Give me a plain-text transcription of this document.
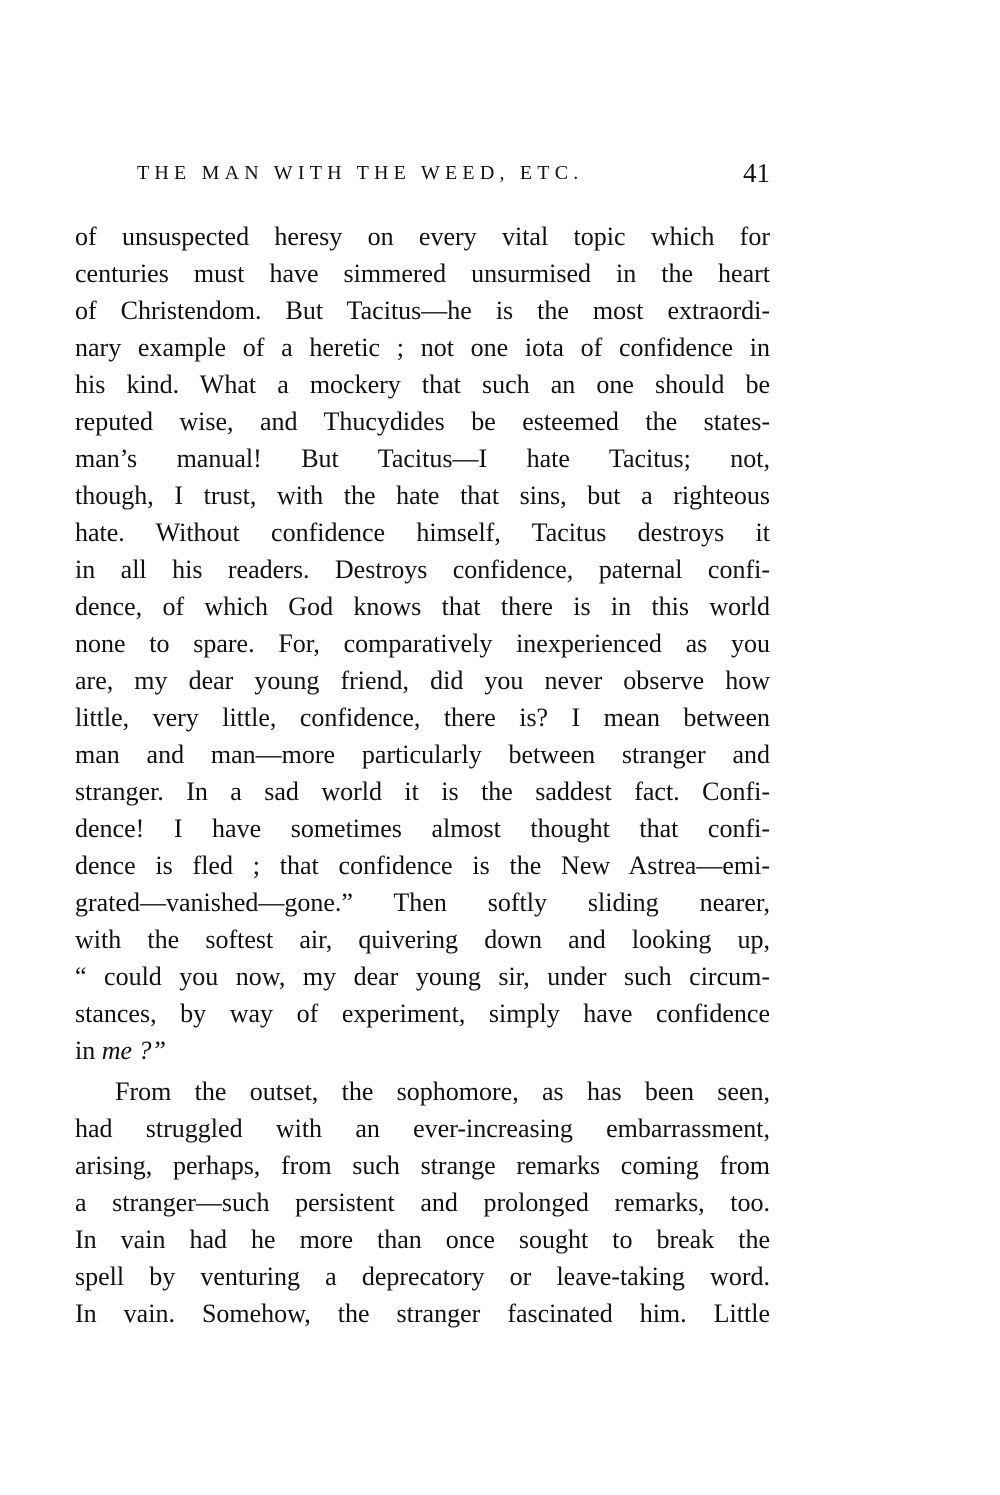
THE MAN WITH THE WEED, ETC.	41
of unsuspected heresy on every vital topic which for
centuries must have simmered unsurmised in the heart
of Christendom. But Tacitus—he is the most extraordi-
nary example of a heretic ; not one iota of confidence in
his kind. What a mockery that such an one should be
reputed wise, and Thucydides be esteemed the states-
man’s manual! But Tacitus—I hate Tacitus; not,
though, I trust, with the hate that sins, but a righteous
hate. Without confidence himself, Tacitus destroys it
in all his readers. Destroys confidence, paternal confi-
dence, of which God knows that there is in this world
none to spare. For, comparatively inexperienced as you
are, my dear young friend, did you never observe how
little, very little, confidence, there is? I mean between
man and man—more particularly between stranger and
stranger. In a sad world it is the saddest fact. Confi-
dence! I have sometimes almost thought that confi-
dence is fled ; that confidence is the New Astrea—emi-
grated—vanished—gone.” Then softly sliding nearer,
with the softest air, quivering down and looking up,
“ could you now, my dear young sir, under such circum-
stances, by way of experiment, simply have confidence
in me ?”
From the outset, the sophomore, as has been seen,
had struggled with an ever-increasing embarrassment,
arising, perhaps, from such strange remarks coming from
a stranger—such persistent and prolonged remarks, too.
In vain had he more than once sought to break the
spell by venturing a deprecatory or leave-taking word.
In vain. Somehow, the stranger fascinated him. Little
